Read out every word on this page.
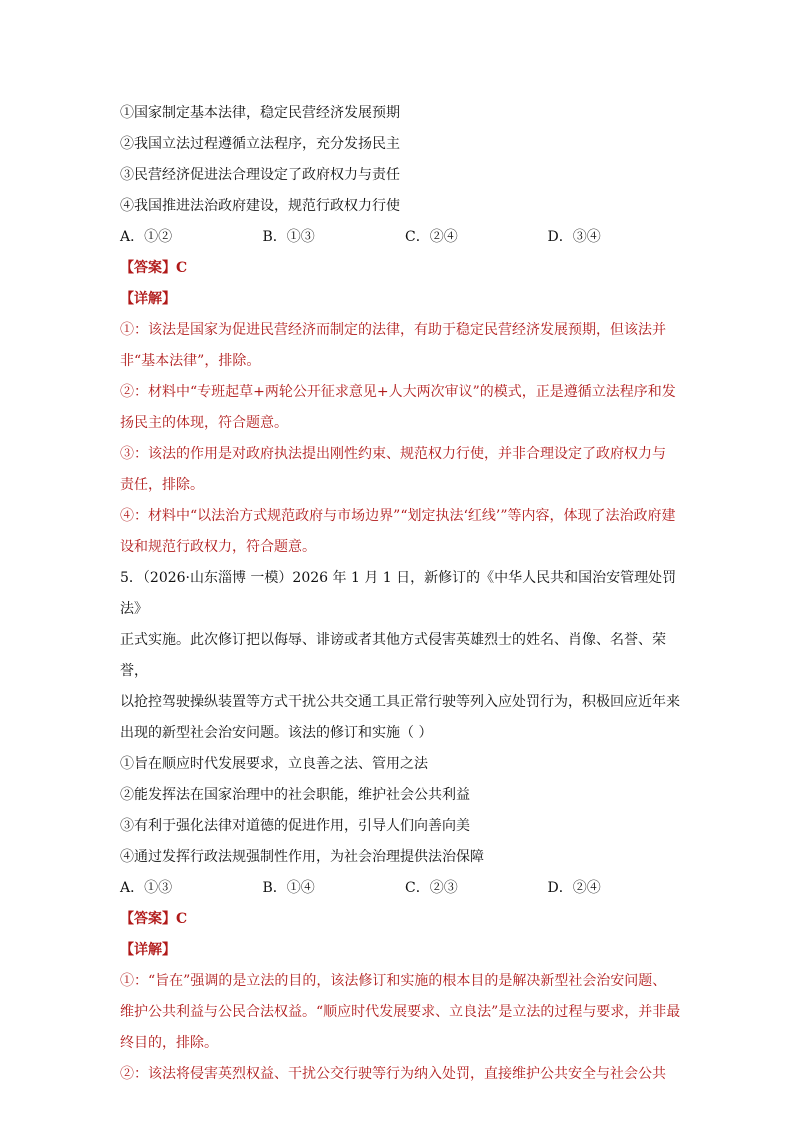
①国家制定基本法律，稳定民营经济发展预期
②我国立法过程遵循立法程序，充分发扬民主
③民营经济促进法合理设定了政府权力与责任
④我国推进法治政府建设，规范行政权力行使
A．①②	B．①③	C．②④	D．③④
【答案】C
【详解】
①：该法是国家为促进民营经济而制定的法律，有助于稳定民营经济发展预期，但该法并
非“基本法律”，排除。
②：材料中“专班起草+两轮公开征求意见+人大两次审议”的模式，正是遵循立法程序和发
扬民主的体现，符合题意。
③：该法的作用是对政府执法提出刚性约束、规范权力行使，并非合理设定了政府权力与
责任，排除。
④：材料中“以法治方式规范政府与市场边界”“划定执法‘红线’”等内容，体现了法治政府建
设和规范行政权力，符合题意。
5．（2026·山东淄博 一模）2026 年 1 月 1 日，新修订的《中华人民共和国治安管理处罚法》
正式实施。此次修订把以侮辱、诽谤或者其他方式侵害英雄烈士的姓名、肖像、名誉、荣誉，
以抢控驾驶操纵装置等方式干扰公共交通工具正常行驶等列入应处罚行为，积极回应近年来
出现的新型社会治安问题。该法的修订和实施（ ）
①旨在顺应时代发展要求，立良善之法、管用之法
②能发挥法在国家治理中的社会职能，维护社会公共利益
③有利于强化法律对道德的促进作用，引导人们向善向美
④通过发挥行政法规强制性作用，为社会治理提供法治保障
A．①③	B．①④	C．②③	D．②④
【答案】C
【详解】
①：“旨在”强调的是立法的目的，该法修订和实施的根本目的是解决新型社会治安问题、
维护公共利益与公民合法权益。“顺应时代发展要求、立良法”是立法的过程与要求，并非最
终目的，排除。
②：该法将侵害英烈权益、干扰公交行驶等行为纳入处罚，直接维护公共安全与社会公共
